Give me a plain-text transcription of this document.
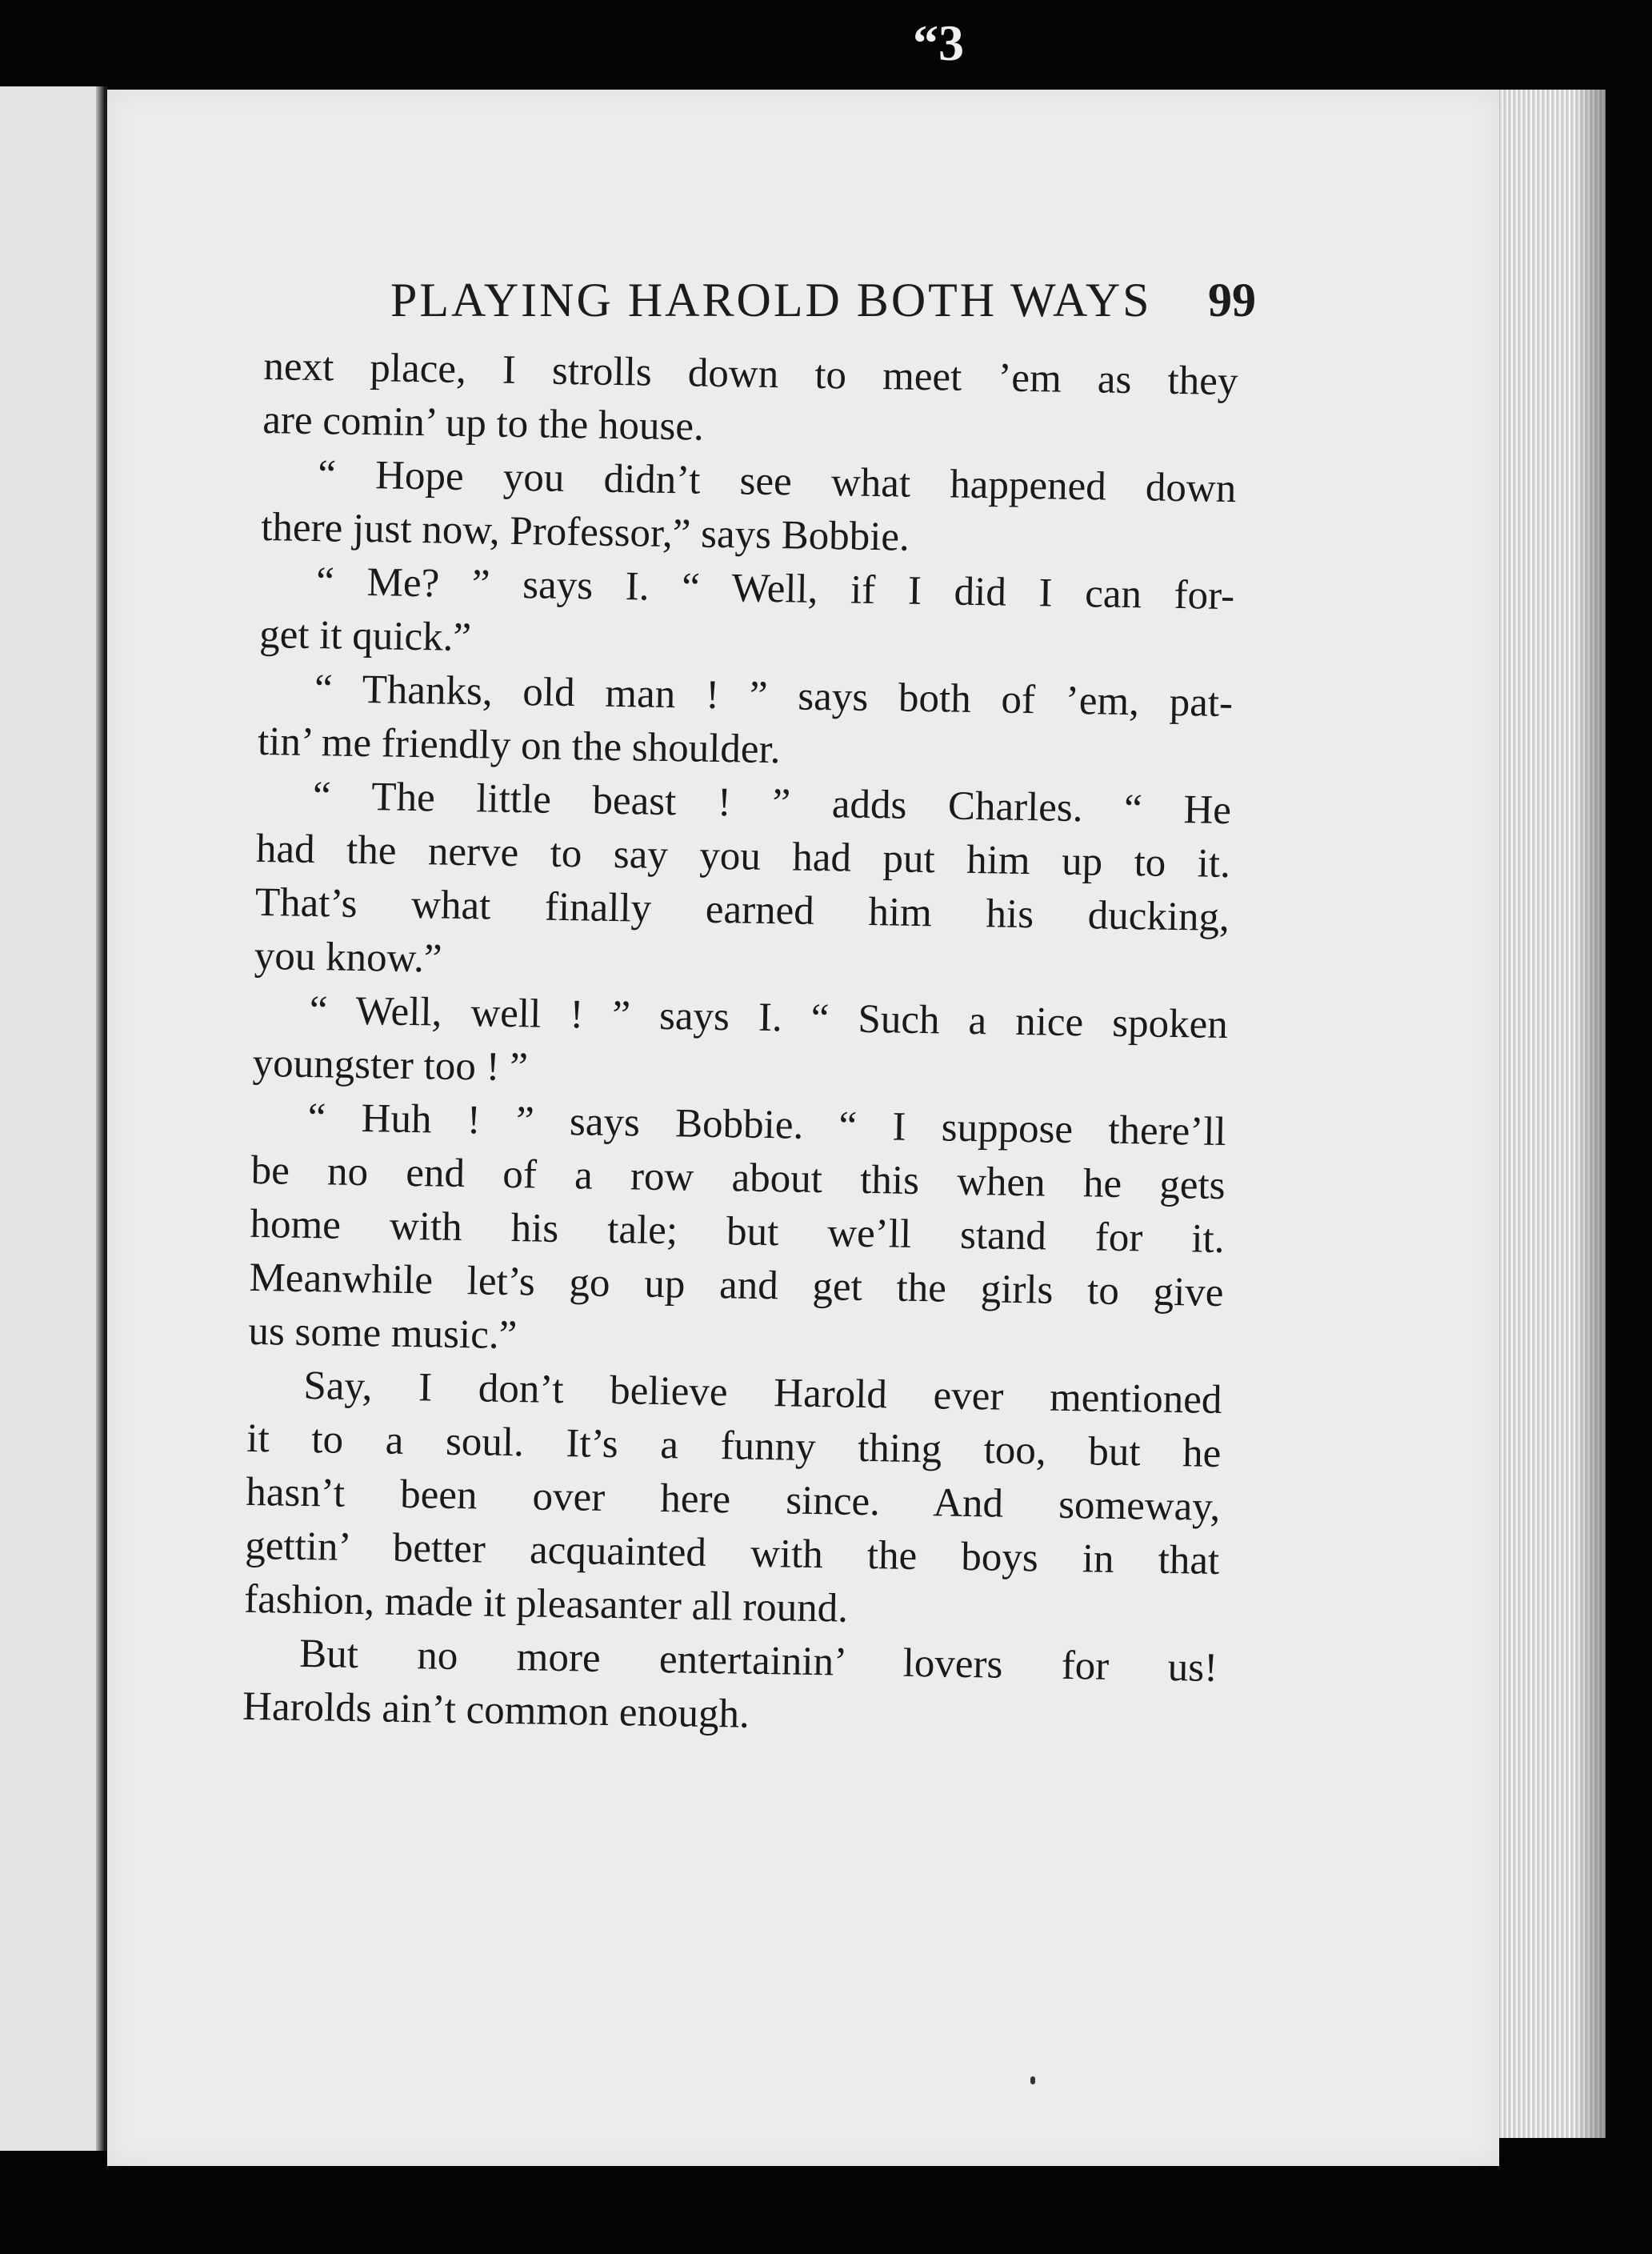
“3
PLAYING HAROLD BOTH WAYS 99
next place, I strolls down to meet ’em as they
are comin’ up to the house.
“ Hope you didn’t see what happened down
there just now, Professor,” says Bobbie.
“ Me? ” says I. “ Well, if I did I can for-
get it quick.”
“ Thanks, old man ! ” says both of ’em, pat-
tin’ me friendly on the shoulder.
“ The little beast ! ” adds Charles. “ He
had the nerve to say you had put him up to it.
That’s what finally earned him his ducking,
you know.”
“ Well, well ! ” says I. “ Such a nice spoken
youngster too ! ”
“ Huh ! ” says Bobbie. “ I suppose there’ll
be no end of a row about this when he gets
home with his tale; but we’ll stand for it.
Meanwhile let’s go up and get the girls to give
us some music.”
Say, I don’t believe Harold ever mentioned
it to a soul. It’s a funny thing too, but he
hasn’t been over here since. And someway,
gettin’ better acquainted with the boys in that
fashion, made it pleasanter all round.
But no more entertainin’ lovers for us!
Harolds ain’t common enough.
